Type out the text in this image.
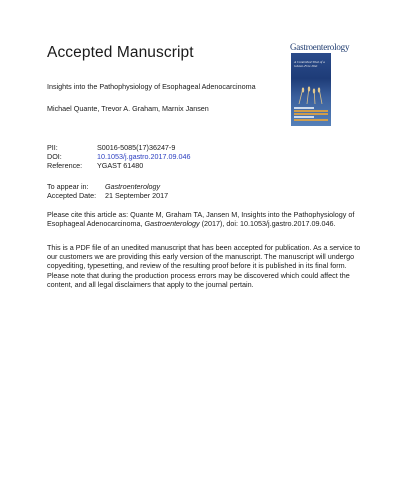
Accepted Manuscript	Gastroenterology
A Controlled Trial of a Gluten-Free Diet
Insights into the Pathophysiology of Esophageal Adenocarcinoma
Michael Quante, Trevor A. Graham, Marnix Jansen
PII:	S0016-5085(17)36247-9
DOI:	10.1053/j.gastro.2017.09.046
Reference: YGAST 61480
To appear in: Gastroenterology
Accepted Date: 21 September 2017

Please cite this article as: Quante M, Graham TA, Jansen M, Insights into the Pathophysiology of Esophageal Adenocarcinoma, Gastroenterology (2017), doi: 10.1053/j.gastro.2017.09.046.

This is a PDF file of an unedited manuscript that has been accepted for publication. As a service to our customers we are providing this early version of the manuscript. The manuscript will undergo copyediting, typesetting, and review of the resulting proof before it is published in its final form. Please note that during the production process errors may be discovered which could affect the content, and all legal disclaimers that apply to the journal pertain.
